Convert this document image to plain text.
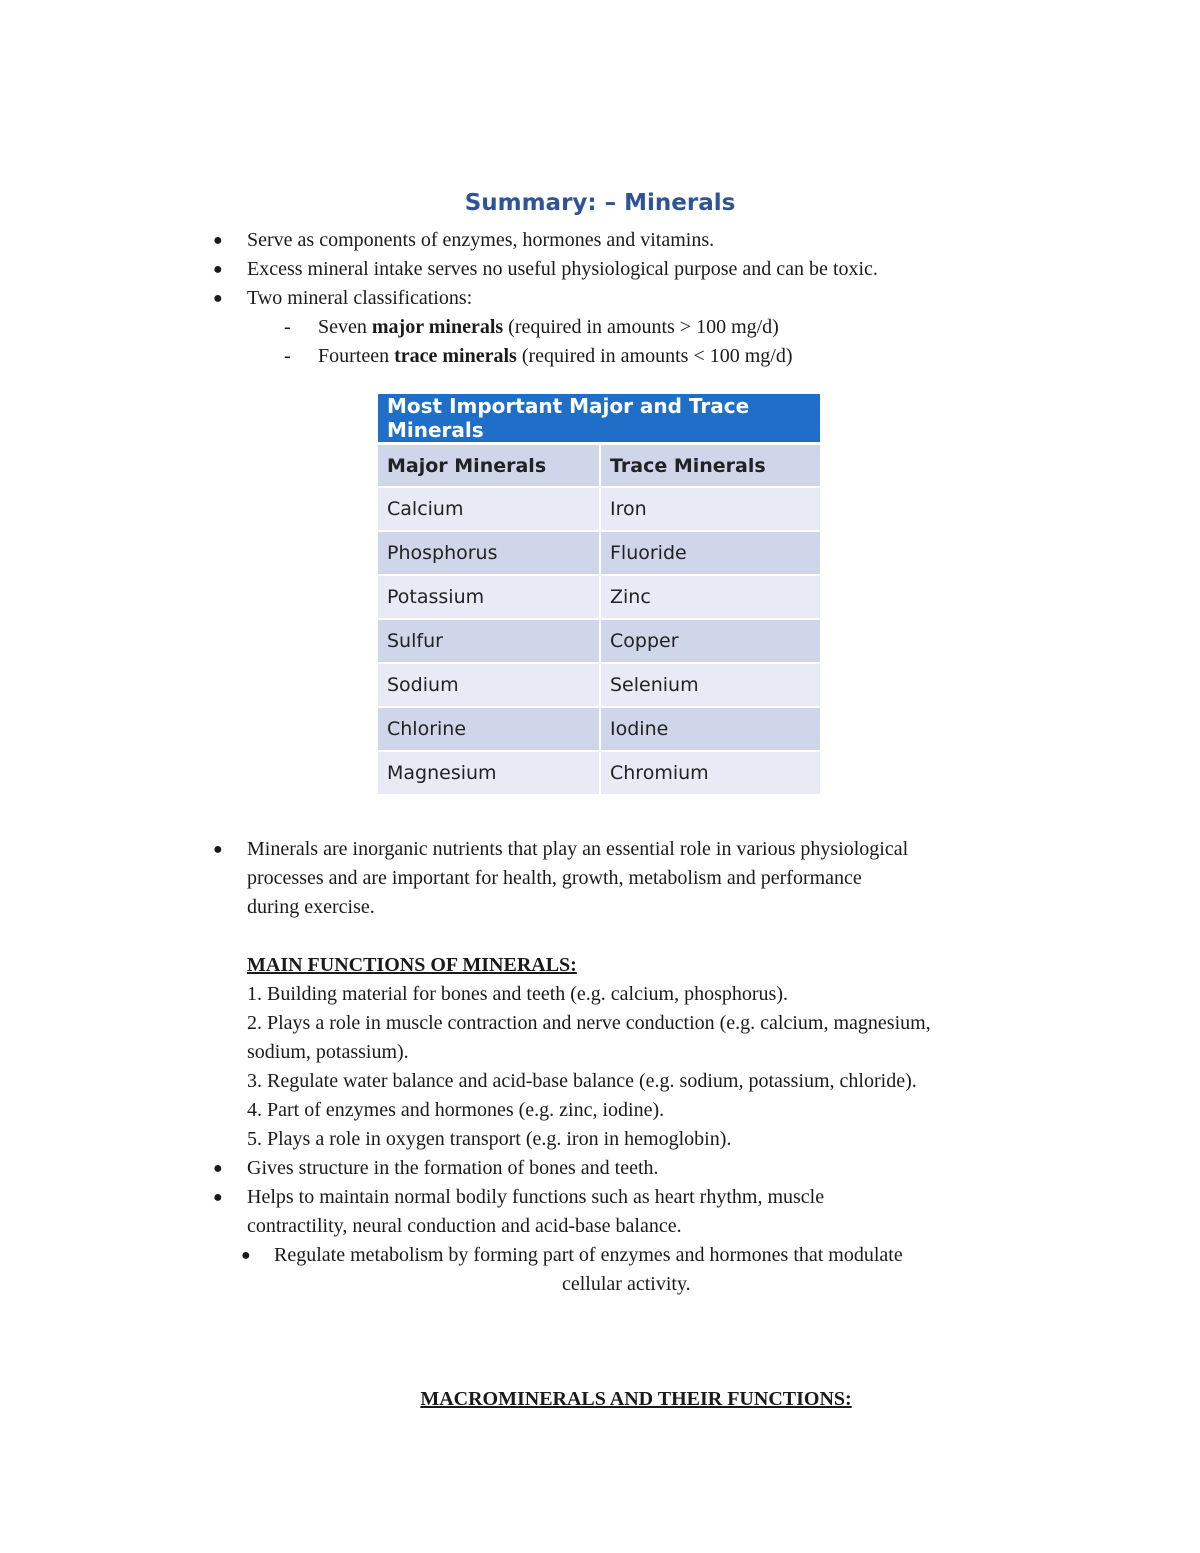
Summary: – Minerals
● Serve as components of enzymes, hormones and vitamins.
● Excess mineral intake serves no useful physiological purpose and can be toxic.
● Two mineral classifications:
- Seven major minerals (required in amounts > 100 mg/d)
- Fourteen trace minerals (required in amounts < 100 mg/d)
Most Important Major and Trace Minerals	
Major Minerals	Trace Minerals
Calcium	Iron
Phosphorus	Fluoride
Potassium	Zinc
Sulfur	Copper
Sodium	Selenium
Chlorine	Iodine
Magnesium	Chromium
● Minerals are inorganic nutrients that play an essential role in various physiological
processes and are important for health, growth, metabolism and performance
during exercise.
MAIN FUNCTIONS OF MINERALS:
1. Building material for bones and teeth (e.g. calcium, phosphorus).
2. Plays a role in muscle contraction and nerve conduction (e.g. calcium, magnesium,
sodium, potassium).
3. Regulate water balance and acid-base balance (e.g. sodium, potassium, chloride).
4. Part of enzymes and hormones (e.g. zinc, iodine).
5. Plays a role in oxygen transport (e.g. iron in hemoglobin).
● Gives structure in the formation of bones and teeth.
● Helps to maintain normal bodily functions such as heart rhythm, muscle
contractility, neural conduction and acid-base balance.
● Regulate metabolism by forming part of enzymes and hormones that modulate
cellular activity.
MACROMINERALS AND THEIR FUNCTIONS:
